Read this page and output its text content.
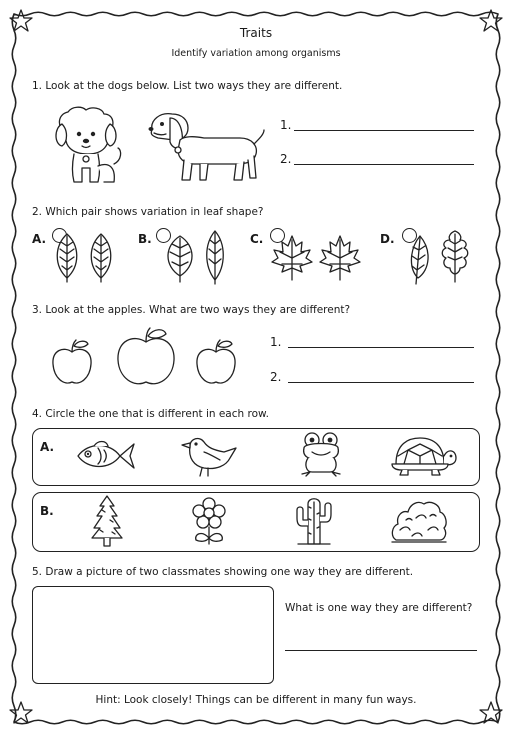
Traits
Identify variation among organisms
1. Look at the dogs below. List two ways they are different.
1.
2.
2. Which pair shows variation in leaf shape?
A.	B.	C.	D.
3. Look at the apples. What are two ways they are different?
1.
2.
4. Circle the one that is different in each row.
A.
B.
5. Draw a picture of two classmates showing one way they are different.
What is one way they are different?
Hint: Look closely! Things can be different in many fun ways.
